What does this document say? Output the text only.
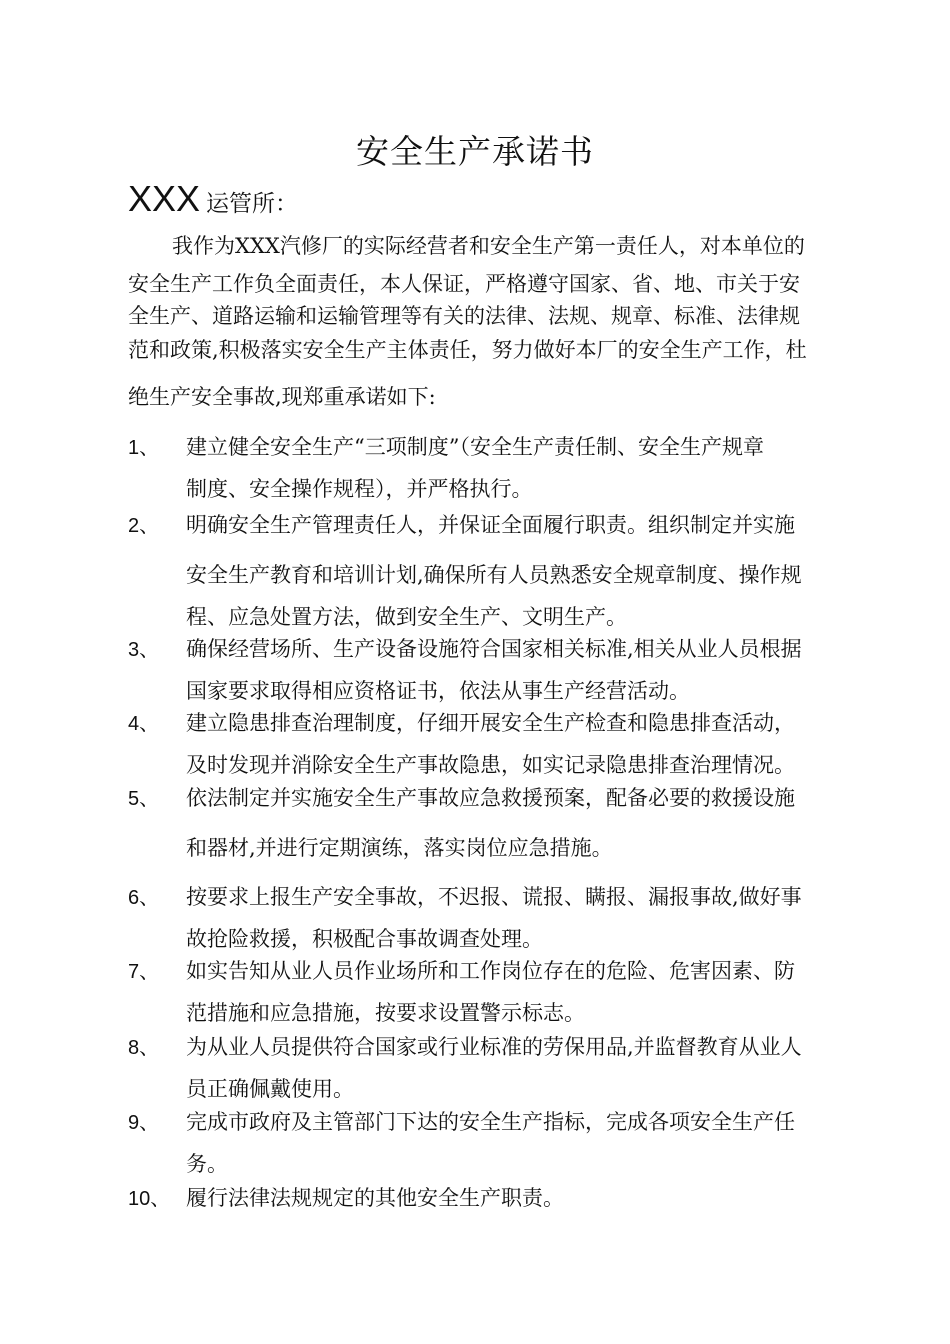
安全生产承诺书
XXX 运管所：
我作为XXX汽修厂的实际经营者和安全生产第一责任人，对本单位的
安全生产工作负全面责任，本人保证，严格遵守国家、省、地、市关于安
全生产、道路运输和运输管理等有关的法律、法规、规章、标准、法律规
范和政策,积极落实安全生产主体责任，努力做好本厂的安全生产工作，杜
绝生产安全事故,现郑重承诺如下:
1、 建立健全安全生产“三项制度”（安全生产责任制、安全生产规章
制度、安全操作规程），并严格执行。
2、 明确安全生产管理责任人，并保证全面履行职责。组织制定并实施
安全生产教育和培训计划,确保所有人员熟悉安全规章制度、操作规
程、应急处置方法，做到安全生产、文明生产。
3、 确保经营场所、生产设备设施符合国家相关标准,相关从业人员根据
国家要求取得相应资格证书，依法从事生产经营活动。
4、 建立隐患排查治理制度，仔细开展安全生产检查和隐患排查活动，
及时发现并消除安全生产事故隐患，如实记录隐患排查治理情况。
5、 依法制定并实施安全生产事故应急救援预案，配备必要的救援设施
和器材,并进行定期演练，落实岗位应急措施。
6、 按要求上报生产安全事故，不迟报、谎报、瞒报、漏报事故,做好事
故抢险救援，积极配合事故调查处理。
7、 如实告知从业人员作业场所和工作岗位存在的危险、危害因素、防
范措施和应急措施，按要求设置警示标志。
8、 为从业人员提供符合国家或行业标准的劳保用品,并监督教育从业人
员正确佩戴使用。
9、 完成市政府及主管部门下达的安全生产指标，完成各项安全生产任
务。
10、 履行法律法规规定的其他安全生产职责。
